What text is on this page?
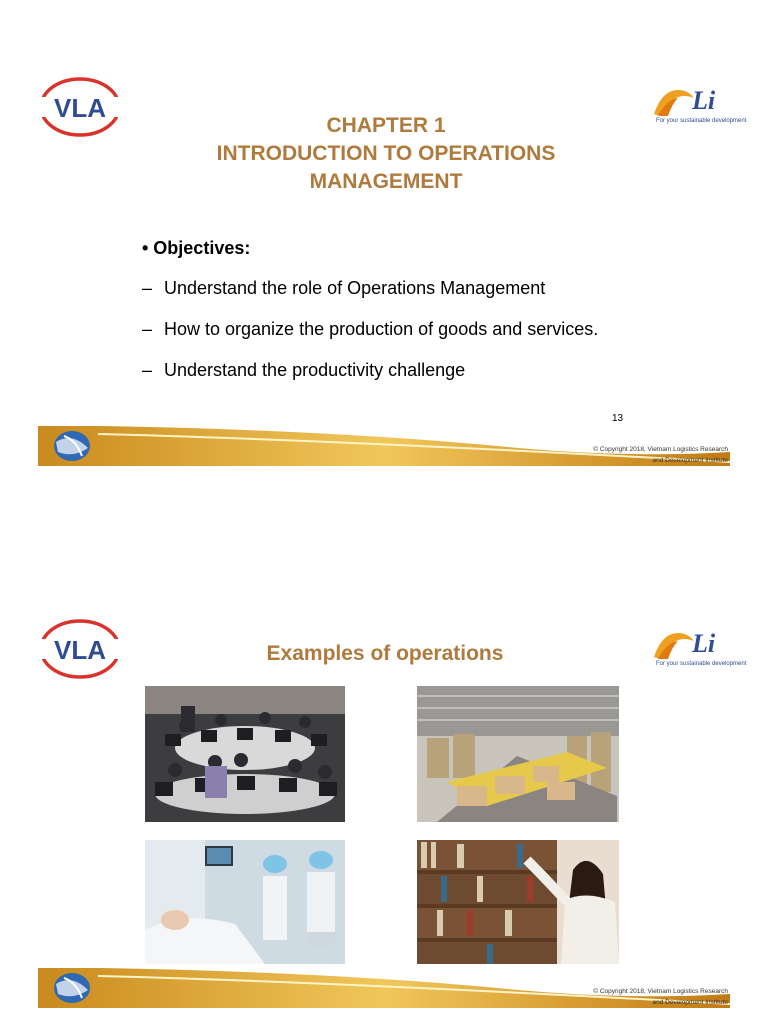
VLA	Li
For your sustainable development
CHAPTER 1
INTRODUCTION TO OPERATIONS
MANAGEMENT
• Objectives:
– Understand the role of Operations Management
– How to organize the production of goods and services.
– Understand the productivity challenge
13
© Copyright 2018, Vietnam Logistics Research
and Development Institute
VLA	Li
For your sustainable development
Examples of operations
© Copyright 2018, Vietnam Logistics Research
and Development Institute
